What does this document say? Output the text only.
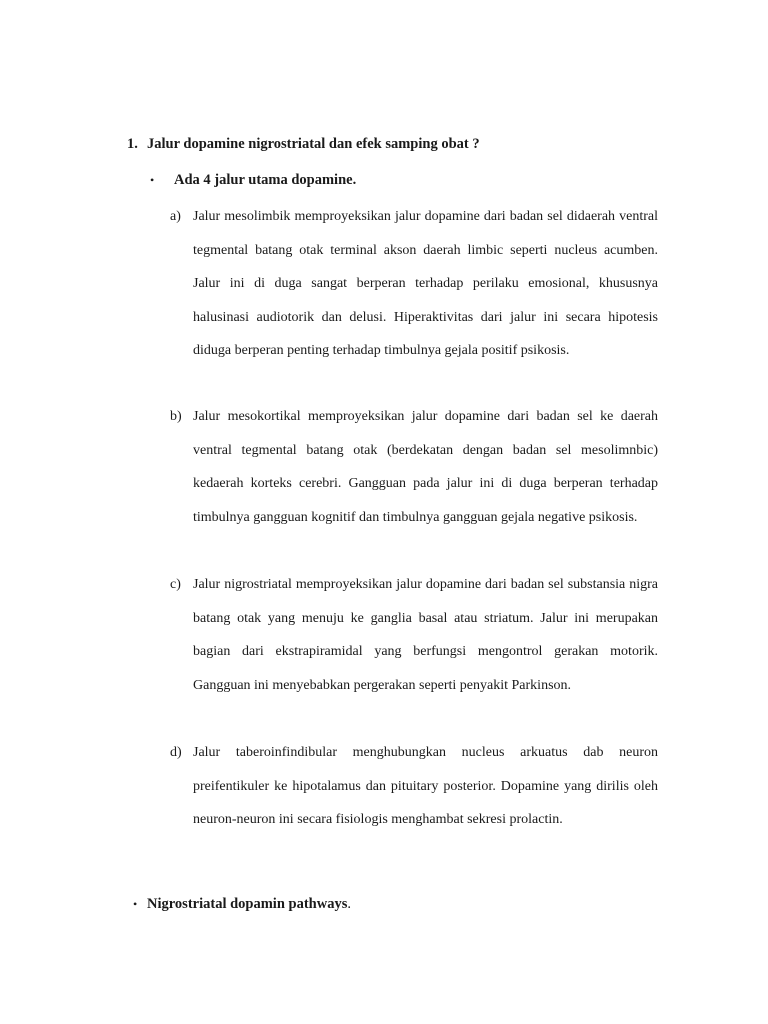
1. Jalur dopamine nigrostriatal dan efek samping obat ?
• Ada 4 jalur utama dopamine.
a) Jalur mesolimbik memproyeksikan jalur dopamine dari badan sel didaerah ventral tegmental batang otak terminal akson daerah limbic seperti nucleus acumben. Jalur ini di duga sangat berperan terhadap perilaku emosional, khususnya halusinasi audiotorik dan delusi. Hiperaktivitas dari jalur ini secara hipotesis diduga berperan penting terhadap timbulnya gejala positif psikosis.
b) Jalur mesokortikal memproyeksikan jalur dopamine dari badan sel ke daerah ventral tegmental batang otak (berdekatan dengan badan sel mesolimnbic) kedaerah korteks cerebri. Gangguan pada jalur ini di duga berperan terhadap timbulnya gangguan kognitif dan timbulnya gangguan gejala negative psikosis.
c) Jalur nigrostriatal memproyeksikan jalur dopamine dari badan sel substansia nigra batang otak yang menuju ke ganglia basal atau striatum. Jalur ini merupakan bagian dari ekstrapiramidal yang berfungsi mengontrol gerakan motorik. Gangguan ini menyebabkan pergerakan seperti penyakit Parkinson.
d) Jalur taberoinfindibular menghubungkan nucleus arkuatus dab neuron preifentikuler ke hipotalamus dan pituitary posterior. Dopamine yang dirilis oleh neuron-neuron ini secara fisiologis menghambat sekresi prolactin.
• Nigrostriatal dopamin pathways.
